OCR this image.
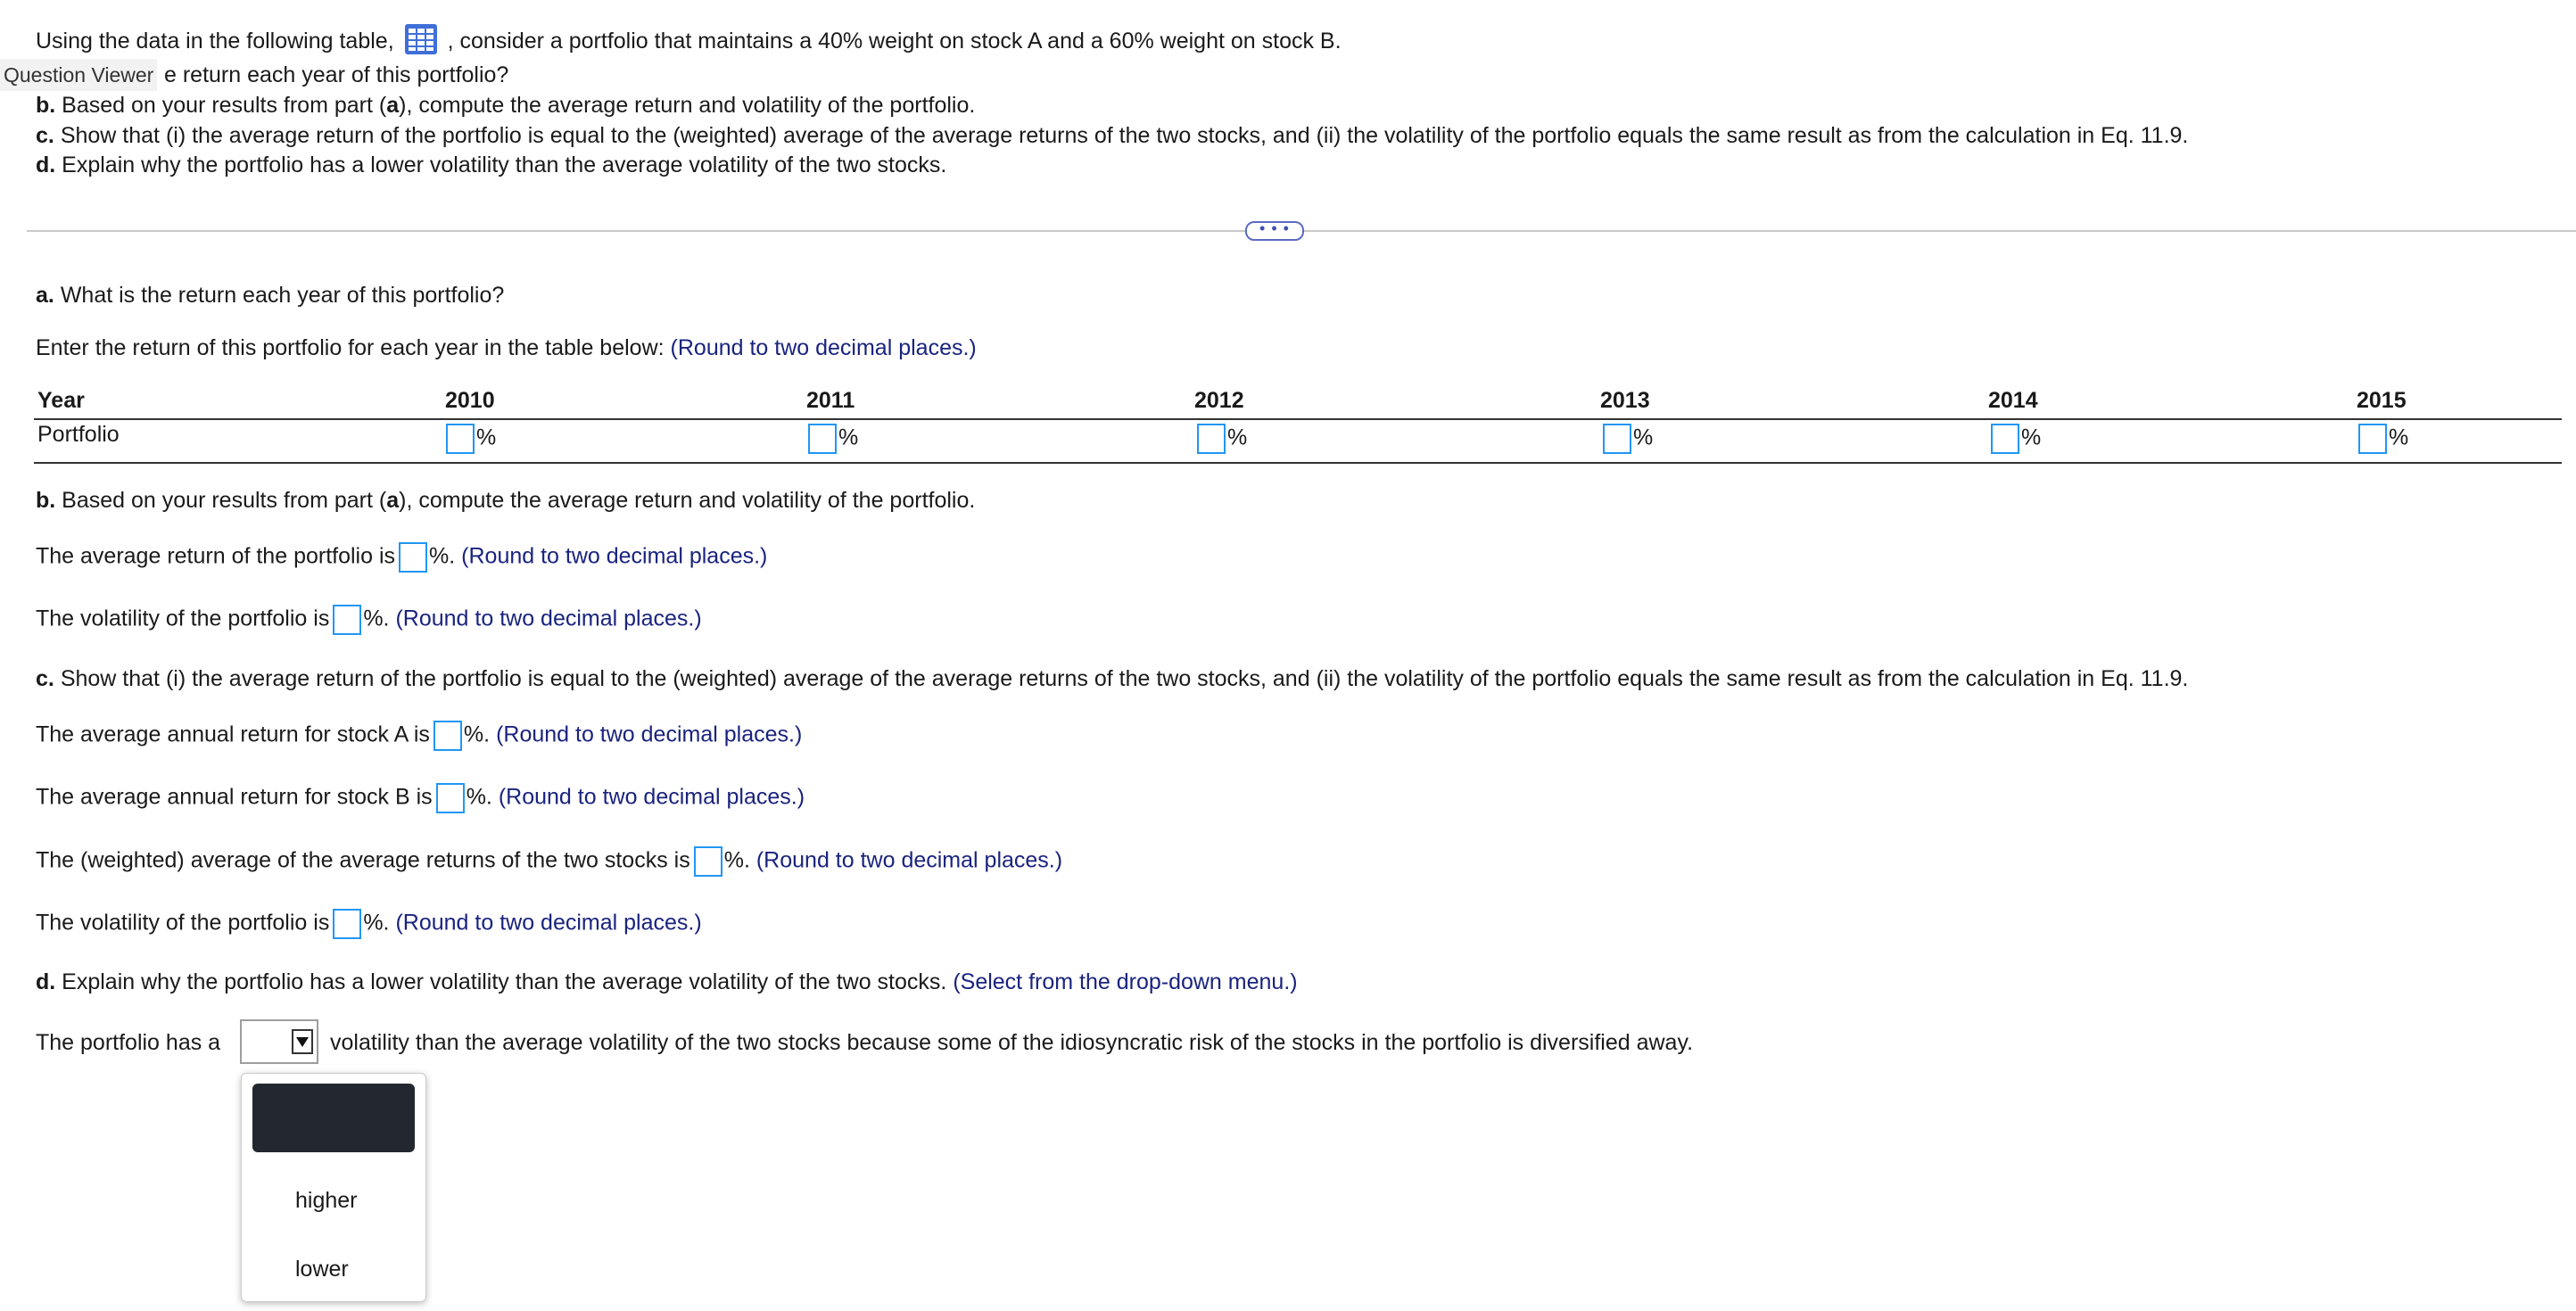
Using the data in the following table, , consider a portfolio that maintains a 40% weight on stock A and a 60% weight on stock B.
Question Viewer e return each year of this portfolio?
b. Based on your results from part (a), compute the average return and volatility of the portfolio.
c. Show that (i) the average return of the portfolio is equal to the (weighted) average of the average returns of the two stocks, and (ii) the volatility of the portfolio equals the same result as from the calculation in Eq. 11.9.
d. Explain why the portfolio has a lower volatility than the average volatility of the two stocks.
• • •
a. What is the return each year of this portfolio?
Enter the return of this portfolio for each year in the table below: (Round to two decimal places.)
Year	2010	2011	2012	2013	2014	2015
Portfolio	%	%	%	%	%	%
b. Based on your results from part (a), compute the average return and volatility of the portfolio.
The average return of the portfolio is %. (Round to two decimal places.)
The volatility of the portfolio is %. (Round to two decimal places.)
c. Show that (i) the average return of the portfolio is equal to the (weighted) average of the average returns of the two stocks, and (ii) the volatility of the portfolio equals the same result as from the calculation in Eq. 11.9.
The average annual return for stock A is %. (Round to two decimal places.)
The average annual return for stock B is %. (Round to two decimal places.)
The (weighted) average of the average returns of the two stocks is %. (Round to two decimal places.)
The volatility of the portfolio is %. (Round to two decimal places.)
d. Explain why the portfolio has a lower volatility than the average volatility of the two stocks. (Select from the drop-down menu.)
The portfolio has a	volatility than the average volatility of the two stocks because some of the idiosyncratic risk of the stocks in the portfolio is diversified away.
higher
lower
